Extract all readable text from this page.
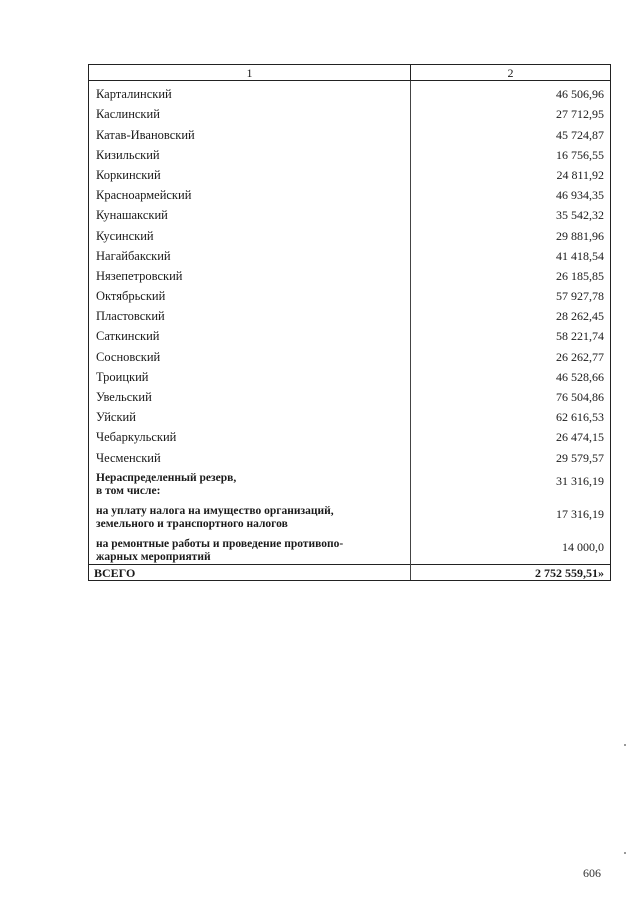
1	2
Карталинский	46 506,96
Каслинский	27 712,95
Катав-Ивановский	45 724,87
Кизильский	16 756,55
Коркинский	24 811,92
Красноармейский	46 934,35
Кунашакский	35 542,32
Кусинский	29 881,96
Нагайбакский	41 418,54
Нязепетровский	26 185,85
Октябрьский	57 927,78
Пластовский	28 262,45
Саткинский	58 221,74
Сосновский	26 262,77
Троицкий	46 528,66
Увельский	76 504,86
Уйский	62 616,53
Чебаркульский	26 474,15
Чесменский	29 579,57

Нераспределенный резерв,
в том числе:	31 316,19

на уплату налога на имущество организаций,
земельного и транспортного налогов	17 316,19

на ремонтные работы и проведение противопо-
жарных мероприятий	14 000,0
ВСЕГО	2 752 559,51»
606
